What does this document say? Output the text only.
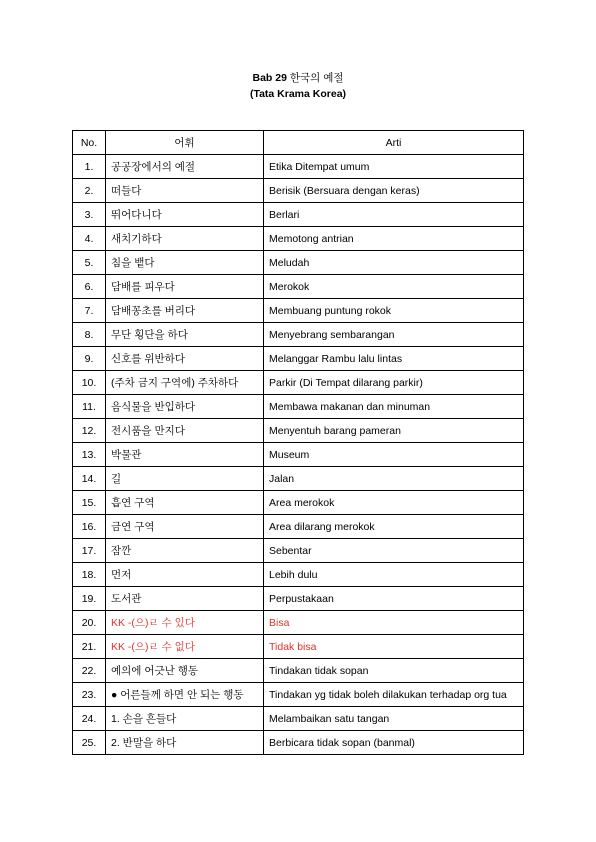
Bab 29 한국의 예절
(Tata Krama Korea)
No.	어휘	Arti
1.	공공장에서의 예절	Etika Ditempat umum
2.	떠들다	Berisik (Bersuara dengan keras)
3.	뛰어다니다	Berlari
4.	새치기하다	Memotong antrian
5.	침을 뱉다	Meludah
6.	담배를 피우다	Merokok
7.	담배꽁초를 버리다	Membuang puntung rokok
8.	무단 횡단을 하다	Menyebrang sembarangan
9.	신호를 위반하다	Melanggar Rambu lalu lintas
10.	(주차 금지 구역에) 주차하다	Parkir (Di Tempat dilarang parkir)
11.	음식물을 반입하다	Membawa makanan dan minuman
12.	전시품을 만지다	Menyentuh barang pameran
13.	박물관	Museum
14.	길	Jalan
15.	흡연 구역	Area merokok
16.	금연 구역	Area dilarang merokok
17.	잠깐	Sebentar
18.	먼저	Lebih dulu
19.	도서관	Perpustakaan
20.	KK -(으)ㄹ 수 있다	Bisa
21.	KK -(으)ㄹ 수 없다	Tidak bisa
22.	예의에 어긋난 행동	Tindakan tidak sopan
23.	● 어른들께 하면 안 되는 행동	Tindakan yg tidak boleh dilakukan terhadap org tua
24.	1. 손을 흔들다	Melambaikan satu tangan
25.	2. 반말을 하다	Berbicara tidak sopan (banmal)
